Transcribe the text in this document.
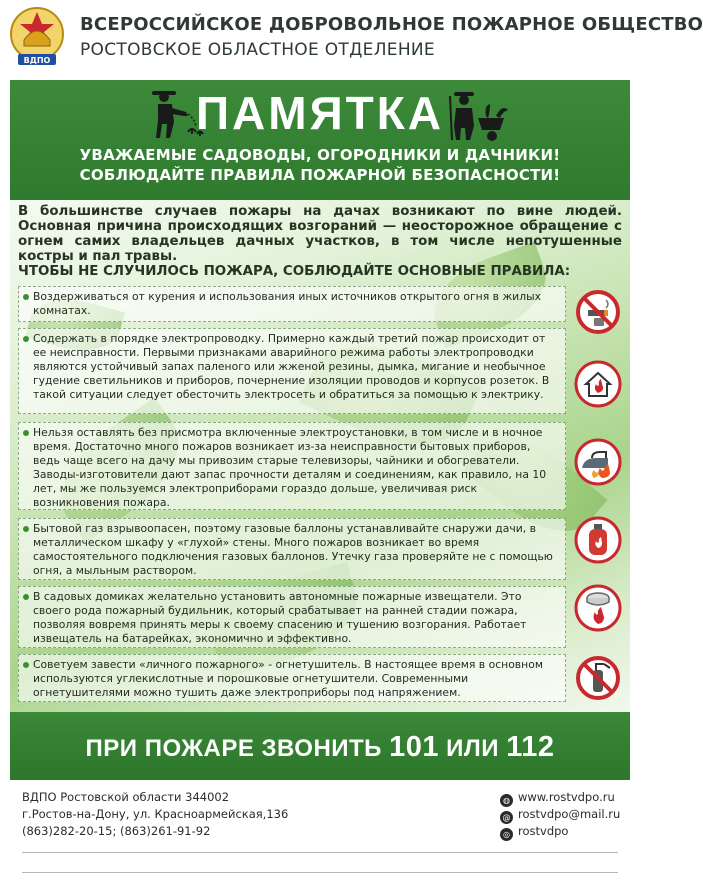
ВДПО
ВСЕРОССИЙСКОЕ ДОБРОВОЛЬНОЕ ПОЖАРНОЕ ОБЩЕСТВО
РОСТОВСКОЕ ОБЛАСТНОЕ ОТДЕЛЕНИЕ
ПАМЯТКА
УВАЖАЕМЫЕ САДОВОДЫ, ОГОРОДНИКИ И ДАЧНИКИ!
СОБЛЮДАЙТЕ ПРАВИЛА ПОЖАРНОЙ БЕЗОПАСНОСТИ!
В большинстве случаев пожары на дачах возникают по вине людей. Основная причина происходящих возгораний — неосторожное обращение с огнем самих владельцев дачных участков, в том числе непотушенные костры и пал травы.
ЧТОБЫ НЕ СЛУЧИЛОСЬ ПОЖАРА, СОБЛЮДАЙТЕ ОСНОВНЫЕ ПРАВИЛА:
Воздерживаться от курения и использования иных источников открытого огня в жилых комнатах.
Содержать в порядке электропроводку. Примерно каждый третий пожар происходит от ее неисправности. Первыми признаками аварийного режима работы электропроводки являются устойчивый запах паленого или жженой резины, дымка, мигание и необычное гудение светильников и приборов, почернение изоляции проводов и корпусов розеток. В такой ситуации следует обесточить электросеть и обратиться за помощью к электрику.
Нельзя оставлять без присмотра включенные электроустановки, в том числе и в ночное время. Достаточно много пожаров возникает из-за неисправности бытовых приборов, ведь чаще всего на дачу мы привозим старые телевизоры, чайники и обогреватели. Заводы-изготовители дают запас прочности деталям и соединениям, как правило, на 10 лет, мы же пользуемся электроприборами гораздо дольше, увеличивая риск возникновения пожара.
Бытовой газ взрывоопасен, поэтому газовые баллоны устанавливайте снаружи дачи, в металлическом шкафу у «глухой» стены. Много пожаров возникает во время самостоятельного подключения газовых баллонов. Утечку газа проверяйте не с помощью огня, а мыльным раствором.
В садовых домиках желательно установить автономные пожарные извещатели. Это своего рода пожарный будильник, который срабатывает на ранней стадии пожара, позволяя вовремя принять меры к своему спасению и тушению возгорания. Работает извещатель на батарейках, экономично и эффективно.
Советуем завести «личного пожарного» - огнетушитель. В настоящее время в основном используются углекислотные и порошковые огнетушители. Современными огнетушителями можно тушить даже электроприборы под напряжением.
ПРИ ПОЖАРЕ ЗВОНИТЬ 101 ИЛИ 112
ВДПО Ростовской области 344002
г.Ростов-на-Дону, ул. Красноармейская,136
(863)282-20-15; (863)261-91-92
◍ www.rostvdpo.ru
@ rostvdpo@mail.ru
◎ rostvdpo
